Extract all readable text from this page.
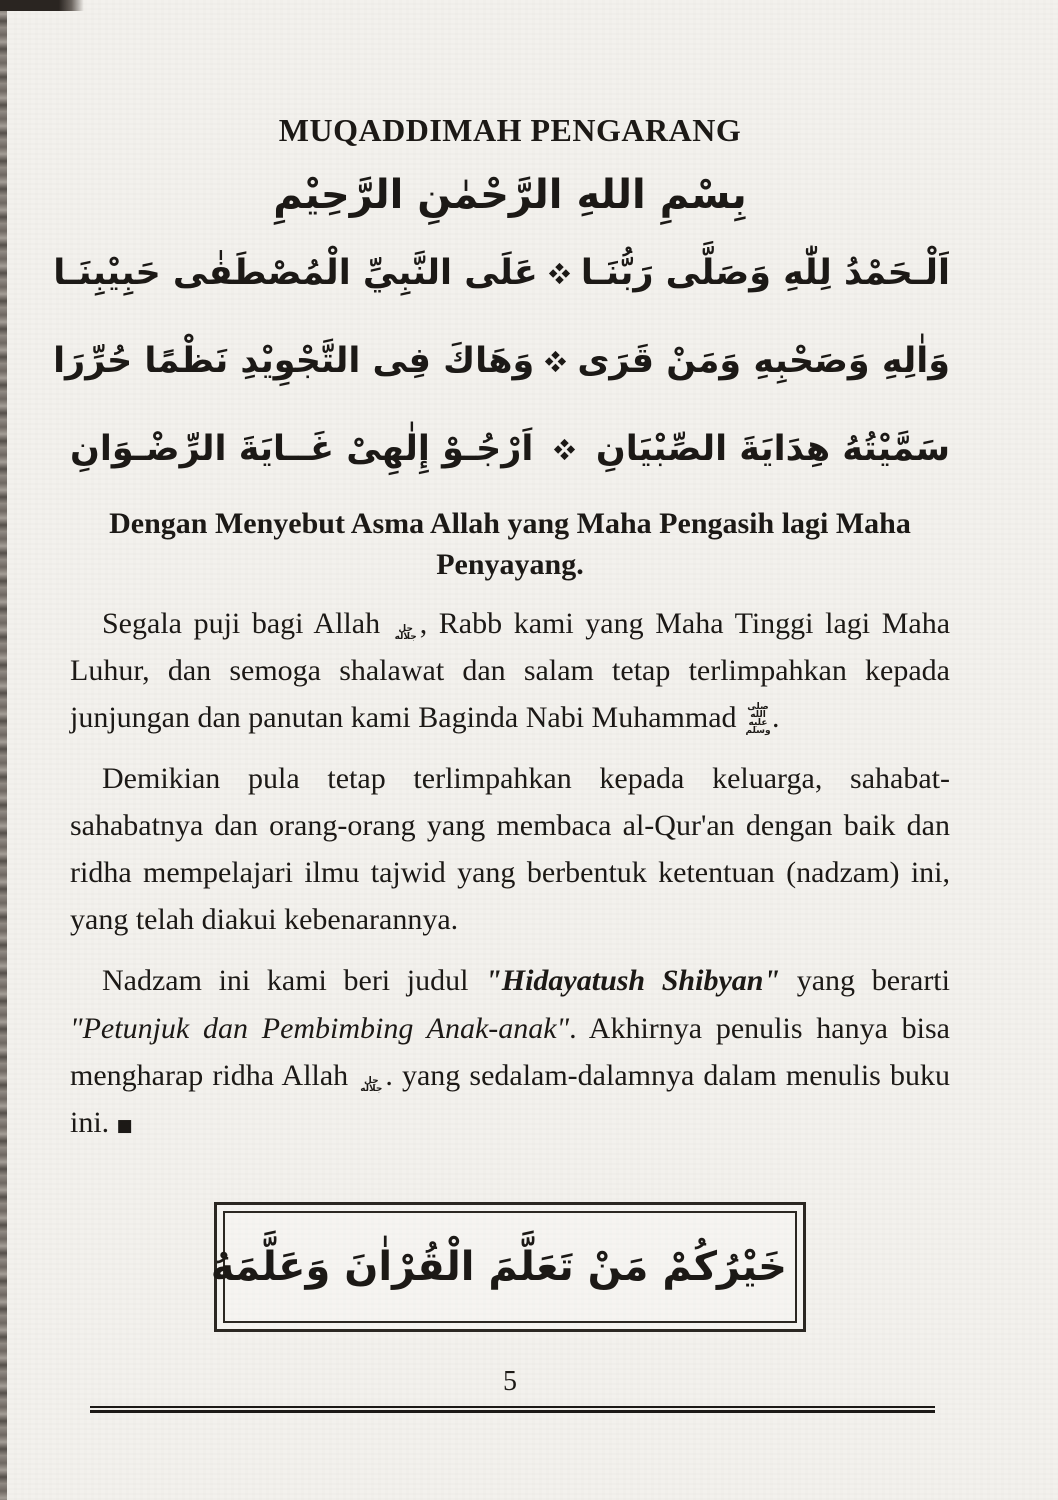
MUQADDIMAH PENGARANG
بِسْمِ اللهِ الرَّحْمٰنِ الرَّحِيْمِ
اَلْـحَمْدُ لِلّٰهِ وَصَلَّى رَبُّنَـا
عَلَى النَّبِيِّ الْمُصْطَفٰى حَبِيْبِنَـا
وَاٰلِهِ وَصَحْبِهِ وَمَنْ قَرَى
وَهَاكَ فِى التَّجْوِيْدِ نَظْمًا حُرِّرَا
سَمَّيْتُهُ هِدَايَةَ الصِّبْيَانِ
اَرْجُـوْ إِلٰهِىْ غَــايَةَ الرِّضْـوَانِ
Dengan Menyebut Asma Allah yang Maha Pengasih lagi Maha Penyayang.

Segala puji bagi Allah جل جلاله, Rabb kami yang Maha Tinggi lagi Maha Luhur, dan semoga shalawat dan salam tetap terlimpahkan kepada junjungan dan panutan kami Baginda Nabi Muhammad صلى الله عليه وسلم.

Demikian pula tetap terlimpahkan kepada keluarga, sahabat-sahabatnya dan orang-orang yang membaca al-Qur'an dengan baik dan ridha mempelajari ilmu tajwid yang berbentuk ketentuan (nadzam) ini, yang telah diakui kebenarannya.

Nadzam ini kami beri judul "Hidayatush Shibyan" yang berarti "Petunjuk dan Pembimbing Anak-anak". Akhirnya penulis hanya bisa mengharap ridha Allah جل جلاله. yang sedalam-dalamnya dalam menulis buku ini. ■

خَيْرُكُمْ مَنْ تَعَلَّمَ الْقُرْاٰنَ وَعَلَّمَهُ
5
